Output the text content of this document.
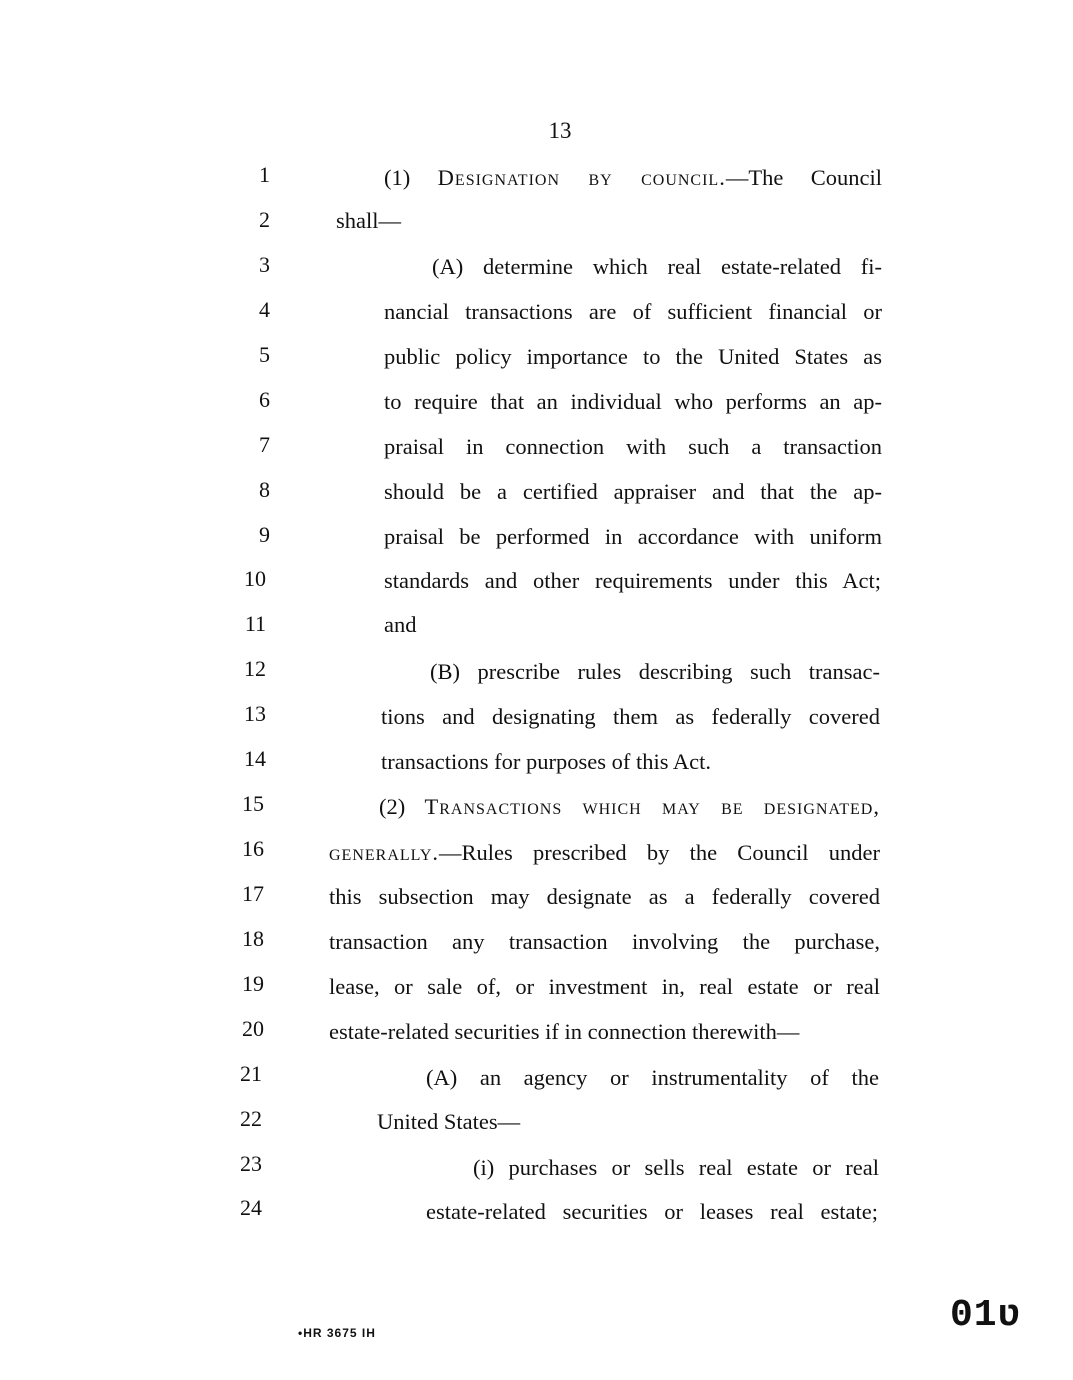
13
1
2
3
4
5
6
7
8
9
10
11
12
13
14
15
16
17
18
19
20
21
22
23
24
(1) Designation by council.—The Council
shall—
(A) determine which real estate-related fi-
nancial transactions are of sufficient financial or
public policy importance to the United States as
to require that an individual who performs an ap-
praisal in connection with such a transaction
should be a certified appraiser and that the ap-
praisal be performed in accordance with uniform
standards and other requirements under this Act;
and
(B) prescribe rules describing such transac-
tions and designating them as federally covered
transactions for purposes of this Act.
(2) Transactions which may be designated,
generally.—Rules prescribed by the Council under
this subsection may designate as a federally covered
transaction any transaction involving the purchase,
lease, or sale of, or investment in, real estate or real
estate-related securities if in connection therewith—
(A) an agency or instrumentality of the
United States—
(i) purchases or sells real estate or real
estate-related securities or leases real estate;
•HR 3675 IH	01ʋ
